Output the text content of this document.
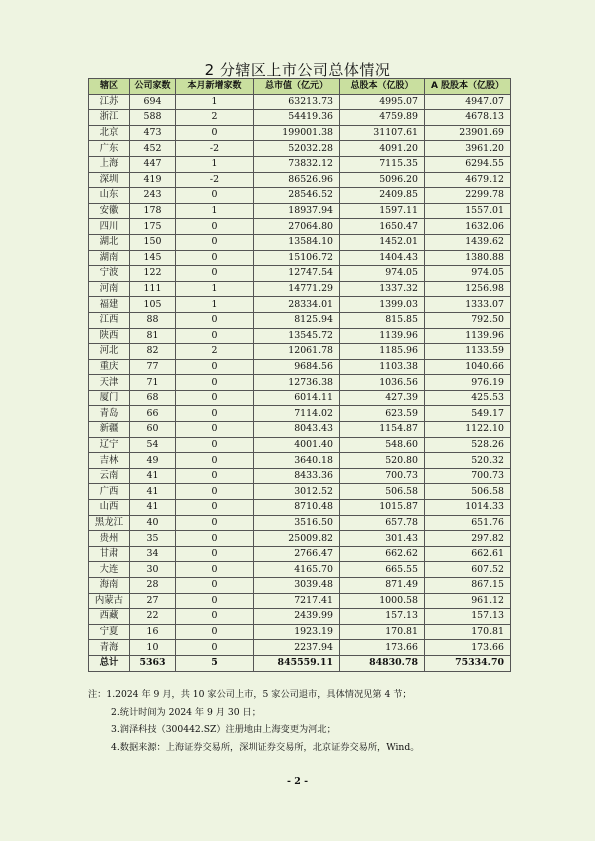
2 分辖区上市公司总体情况
辖区	公司家数	本月新增家数	总市值（亿元）	总股本（亿股）	A 股股本（亿股）
江苏	694	1	63213.73	4995.07	4947.07
浙江	588	2	54419.36	4759.89	4678.13
北京	473	0	199001.38	31107.61	23901.69
广东	452	-2	52032.28	4091.20	3961.20
上海	447	1	73832.12	7115.35	6294.55
深圳	419	-2	86526.96	5096.20	4679.12
山东	243	0	28546.52	2409.85	2299.78
安徽	178	1	18937.94	1597.11	1557.01
四川	175	0	27064.80	1650.47	1632.06
湖北	150	0	13584.10	1452.01	1439.62
湖南	145	0	15106.72	1404.43	1380.88
宁波	122	0	12747.54	974.05	974.05
河南	111	1	14771.29	1337.32	1256.98
福建	105	1	28334.01	1399.03	1333.07
江西	88	0	8125.94	815.85	792.50
陕西	81	0	13545.72	1139.96	1139.96
河北	82	2	12061.78	1185.96	1133.59
重庆	77	0	9684.56	1103.38	1040.66
天津	71	0	12736.38	1036.56	976.19
厦门	68	0	6014.11	427.39	425.53
青岛	66	0	7114.02	623.59	549.17
新疆	60	0	8043.43	1154.87	1122.10
辽宁	54	0	4001.40	548.60	528.26
吉林	49	0	3640.18	520.80	520.32
云南	41	0	8433.36	700.73	700.73
广西	41	0	3012.52	506.58	506.58
山西	41	0	8710.48	1015.87	1014.33
黑龙江	40	0	3516.50	657.78	651.76
贵州	35	0	25009.82	301.43	297.82
甘肃	34	0	2766.47	662.62	662.61
大连	30	0	4165.70	665.55	607.52
海南	28	0	3039.48	871.49	867.15
内蒙古	27	0	7217.41	1000.58	961.12
西藏	22	0	2439.99	157.13	157.13
宁夏	16	0	1923.19	170.81	170.81
青海	10	0	2237.94	173.66	173.66
总计	5363	5	845559.11	84830.78	75334.70
注：1.2024 年 9 月，共 10 家公司上市，5 家公司退市，具体情况见第 4 节；
2.统计时间为 2024 年 9 月 30 日；
3.润泽科技（300442.SZ）注册地由上海变更为河北；
4.数据来源：上海证券交易所，深圳证券交易所，北京证券交易所，Wind。
- 2 -
